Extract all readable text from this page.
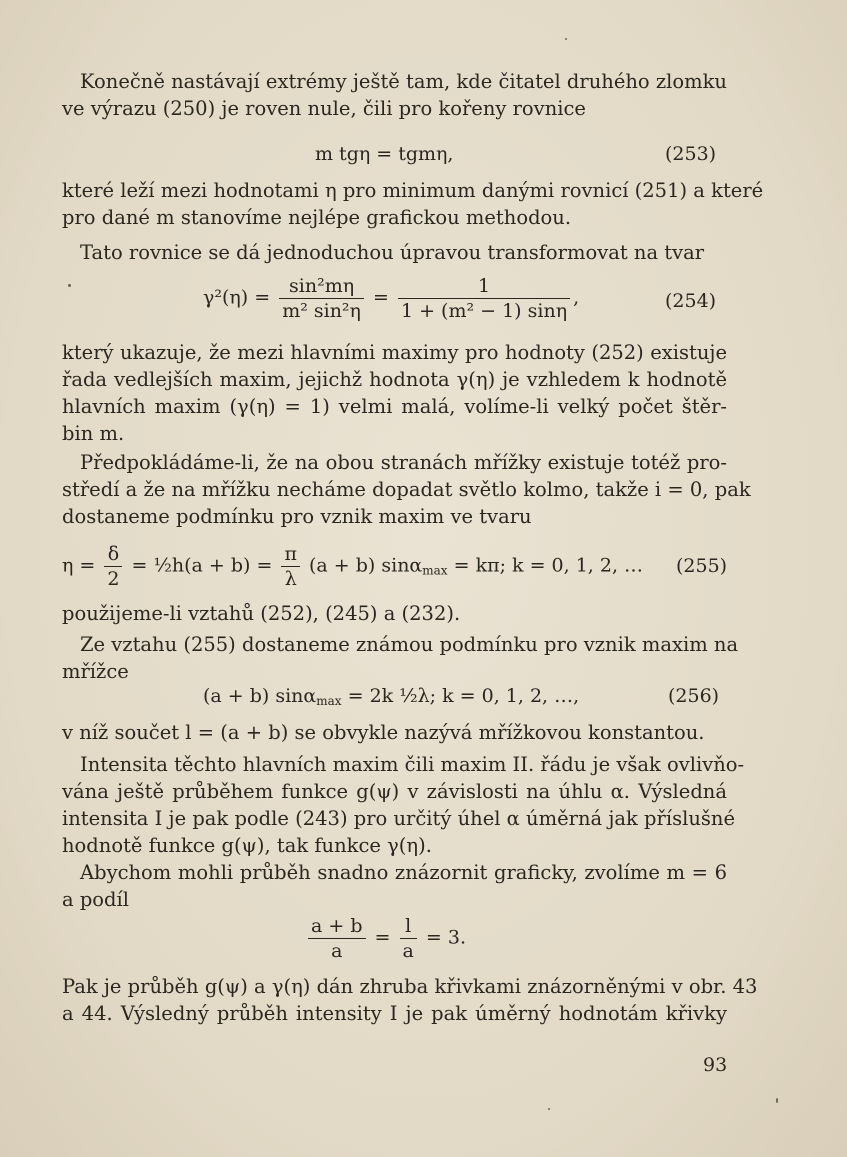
Konečně nastávají extrémy ještě tam, kde čitatel druhého zlomku
ve výrazu (250) je roven nule, čili pro kořeny rovnice
m tgη = tgmη,	(253)
které leží mezi hodnotami η pro minimum danými rovnicí (251) a které
pro dané m stanovíme nejlépe grafickou methodou.
Tato rovnice se dá jednoduchou úpravou transformovat na tvar
$\gamma^2(\eta) = \frac{\text{sin²mη}}{\text{m² sin²η}} = \frac{1}{\text{1 + (m² − 1) sinη}}$ ,	(254)
který ukazuje, že mezi hlavními maximy pro hodnoty (252) existuje
řada vedlejších maxim, jejichž hodnota γ(η) je vzhledem k hodnotě
hlavních maxim (γ(η) = 1) velmi malá, volíme-li velký počet štěr-
bin m.
Předpokládáme-li, že na obou stranách mřížky existuje totéž pro-
středí a že na mřížku necháme dopadat světlo kolmo, takže i = 0, pak
dostaneme podmínku pro vznik maxim ve tvaru
$\eta = \frac{\delta}{2}$ = ½h(a + $b) = \frac{\pi}{\lambda} (a + b) \sin\alpha_{max} = k\pi$; k = 0, 1, 2, … (255)
použijeme-li vztahů (252), (245) a (232).
Ze vztahu (255) dostaneme známou podmínku pro vznik maxim na
mřížce
(a + b) sinα$_{max}$ = 2k ½λ; k = 0, 1, 2, …,	(256)
v níž součet l = (a + b) se obvykle nazývá mřížkovou konstantou.
Intensita těchto hlavních maxim čili maxim II. řádu je však ovlivňo-
vána ještě průběhem funkce g(ψ) v závislosti na úhlu α. Výsledná
intensita I je pak podle (243) pro určitý úhel α úměrná jak příslušné
hodnotě funkce g(ψ), tak funkce γ(η).
Abychom mohli průběh snadno znázornit graficky, zvolíme m = 6
a podíl
$\frac{a + b}{a} = \frac{l}{a} = 3$.
Pak je průběh g(ψ) a γ(η) dán zhruba křivkami znázorněnými v obr. 43
a 44. Výsledný průběh intensity I je pak úměrný hodnotám křivky
93
